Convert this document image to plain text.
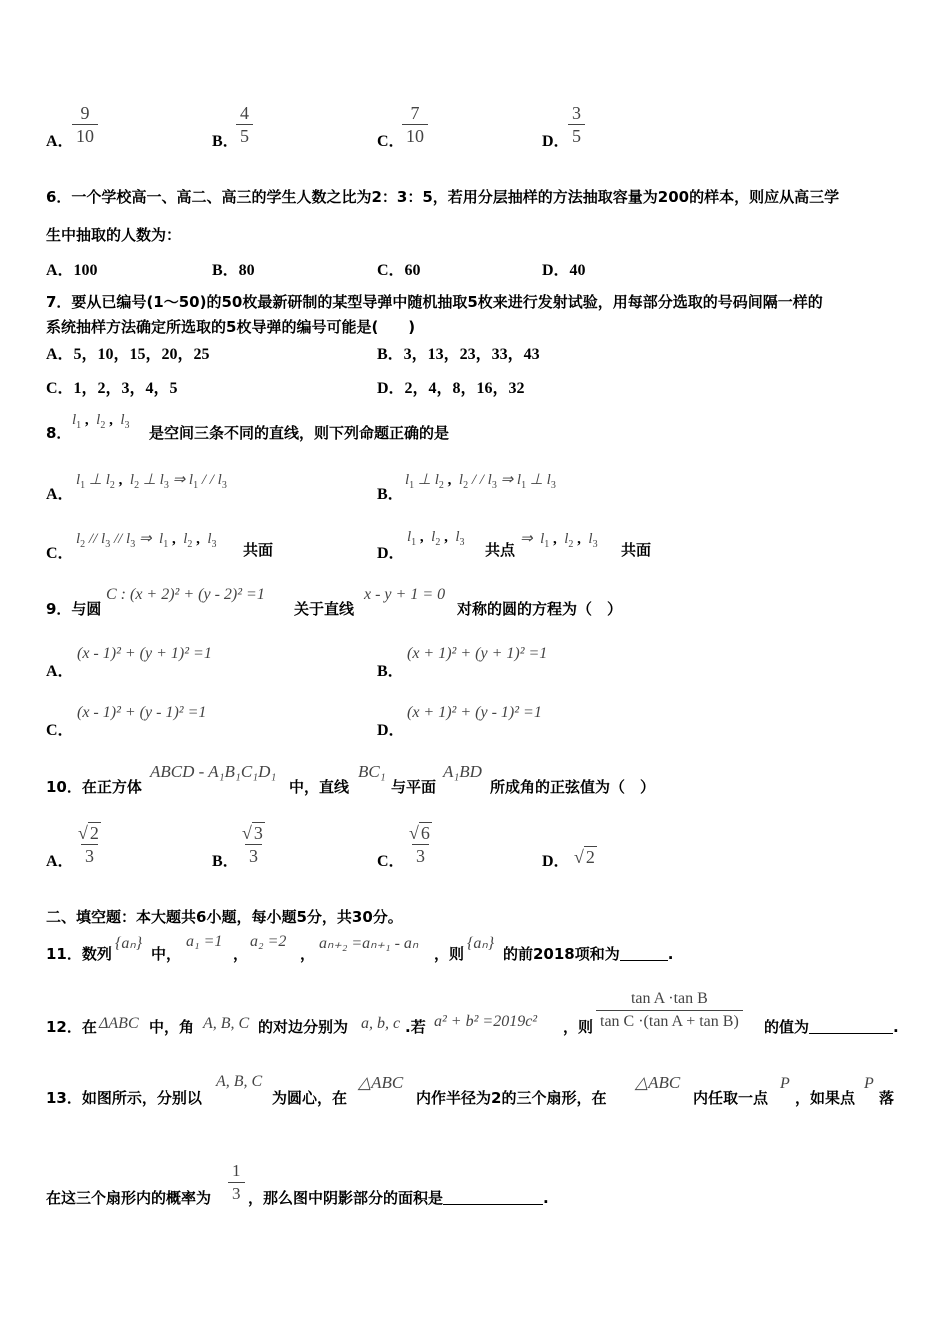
A．
$\frac{9}{10}$	B．
$\frac{4}{5}$	C．
$\frac{7}{10}$	D．
$\frac{3}{5}$
6．一个学校高一、高二、高三的学生人数之比为2：3：5，若用分层抽样的方法抽取容量为200的样本，则应从高三学
生中抽取的人数为：
A．100	B．80	C．60	D．40
7．要从已编号(1～50)的50枚最新研制的某型导弹中随机抽取5枚来进行发射试验，用每部分选取的号码间隔一样的
系统抽样方法确定所选取的5枚导弹的编号可能是(　　)
A．5，10，15，20，25	B．3，13，23，33，43
C．1，2，3，4，5	D．2，4，8，16，32
8．
$l_1$ ,  $l_2$ ,  $l_3$ 是空间三条不同的直线，则下列命题正确的是
A．
$l_1$ ⊥ $l_2$ ,  $l_2$ ⊥ $l_3$ ⇒ $l_1$ / / $l_3$
B．
$l_1$ ⊥ $l_2$ ,  $l_2$ / / $l_3$ ⇒ $l_1$ ⊥ $l_3$
C．
$l_2 // l_3 // l_3$ ⇒  $l_1$ ,  $l_2$ ,  $l_3$ 共面	D．
$l_1$ ,  $l_2$ ,  $l_3$ 共点
⇒  $l_1$ ,  $l_2$ ,  $l_3$ 共面
9．与圆
C : (x + 2)² + (y - 2)² =1
关于直线
x - y + 1 = 0
对称的圆的方程为（　）
A．
(x - 1)² + (y + 1)² =1
B．
(x + 1)² + (y + 1)² =1
C．
(x - 1)² + (y - 1)² =1
D．
(x + 1)² + (y - 1)² =1
10．在正方体
ABCD - A₁B₁C₁D₁
中，直线
BC₁
与平面
A₁BD
所成角的正弦值为（　）
A． $\frac{√ 2}{3}$	B． $\frac{√ 3}{3}$	C． $\frac{√ 6}{3}$	D． √ 2
二、填空题：本大题共6小题，每小题5分，共30分。
11．数列
{aₙ}
中，
a₁ =1
，
a₂ =2
，
aₙ₊₂ =aₙ₊₁ - aₙ
，则
{aₙ}
的前2018项和为	.
12．在 ΔABC 中，角 A, B, C 的对边分别为 a, b, c .若 a² + b² =2019c² ，则 $\frac{\text{tan A ·tan B}}{\text{tan C ·(tan A + tan B)}}$ 的值为	.
13．如图所示，分别以
A, B, C
为圆心，在
△ABC
内作半径为2的三个扇形，在
△ABC
内任取一点
P
，如果点
P
落
在这三个扇形内的概率为 $\frac{1}{3}$ ，那么图中阴影部分的面积是	.
